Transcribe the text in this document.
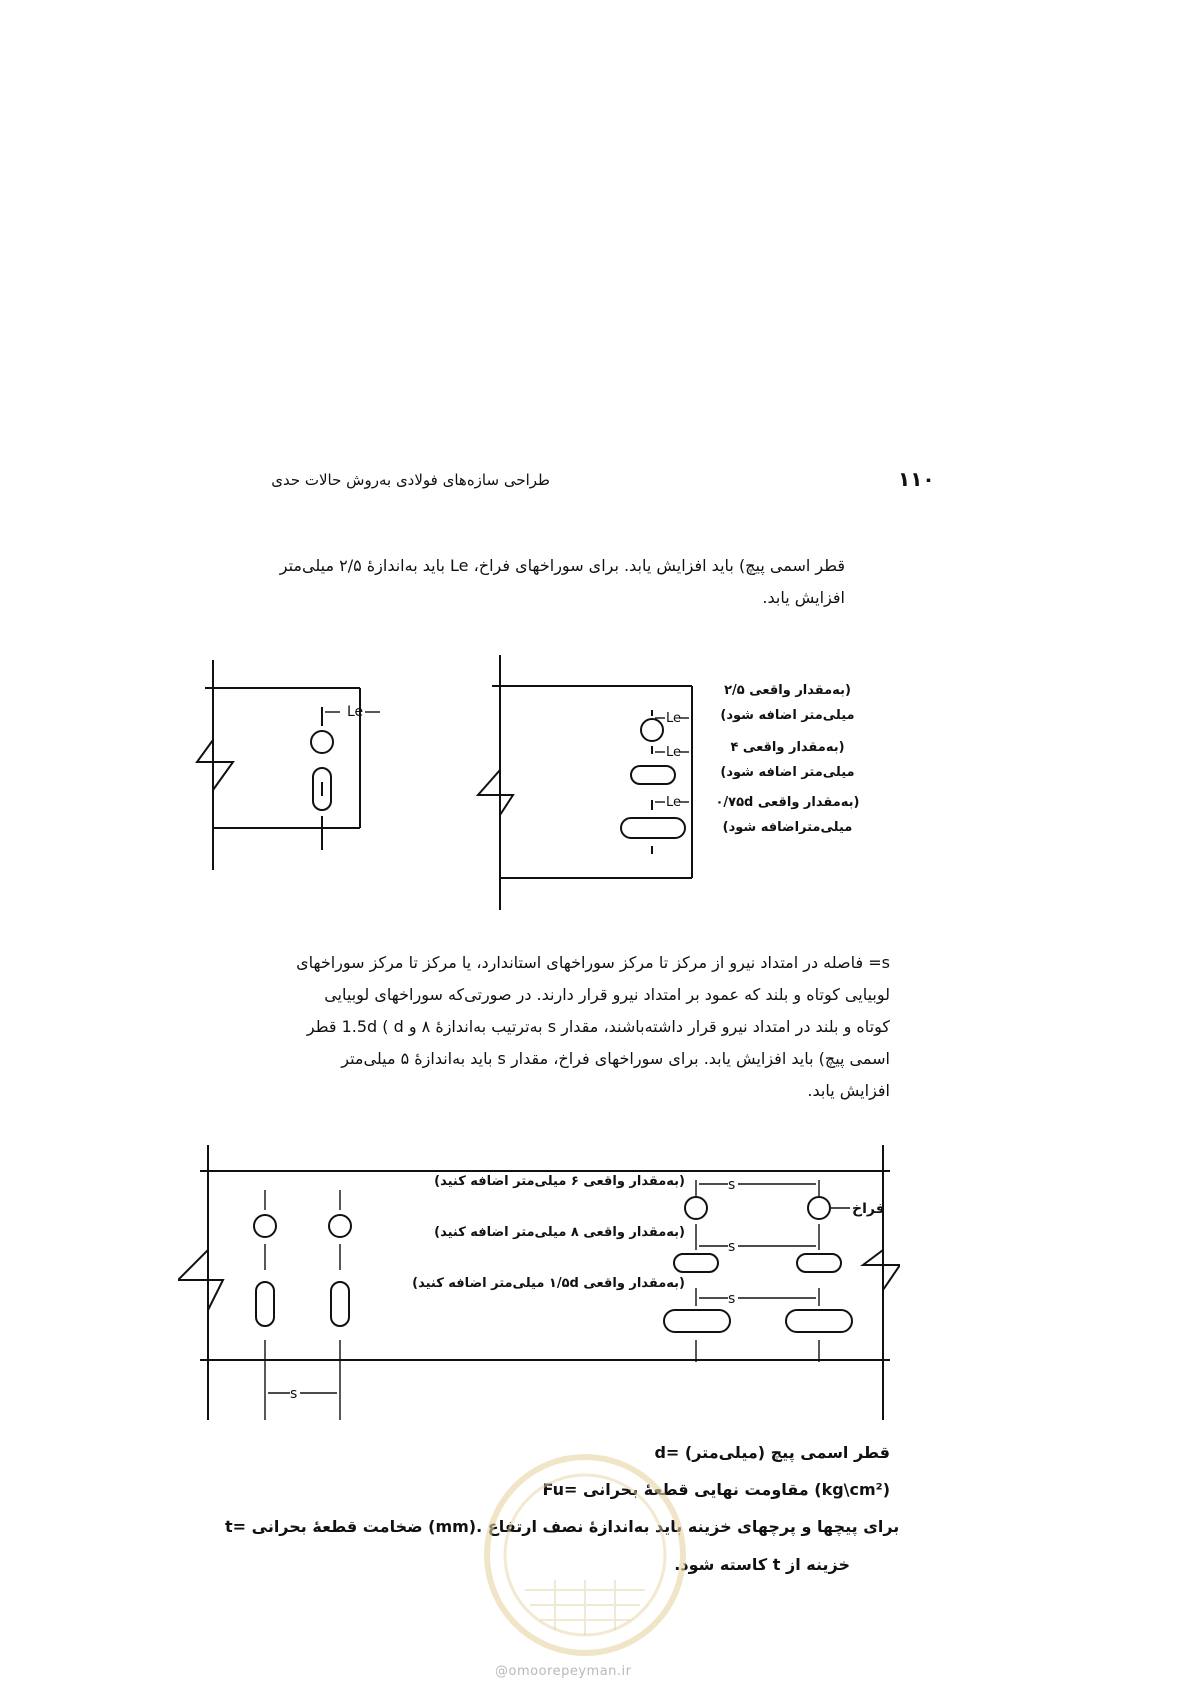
۱۱۰
طراحی سازه‌های فولادی به‌روش حالات حدی
قطر اسمی پیچ) باید افزایش یابد. برای سوراخهای فراخ، Le باید به‌اندازهٔ ۲/۵ میلی‌متر
افزایش یابد.
Le	Le
Le
Le
(به‌مقدار واقعی ۲/۵
میلی‌متر اضافه شود)
(به‌مقدار واقعی ۴
میلی‌متر اضافه شود)
(به‌مقدار واقعی ۰/۷۵d
میلی‌متراضافه شود)
s= فاصله در امتداد نیرو از مرکز تا مرکز سوراخهای استاندارد، یا مرکز تا مرکز سوراخهای
لوبیایی کوتاه و بلند که عمود بر امتداد نیرو قرار دارند. در صورتی‌که سوراخهای لوبیایی
کوتاه و بلند در امتداد نیرو قرار داشته‌باشند، مقدار s به‌ترتیب به‌اندازهٔ ۸ و 1.5d ( d قطر
اسمی پیچ) باید افزایش یابد. برای سوراخهای فراخ، مقدار s باید به‌اندازهٔ ۵ میلی‌متر
افزایش یابد.
s
s
s
s
فراخ
(به‌مقدار واقعی ۶ میلی‌متر اضافه کنید)
(به‌مقدار واقعی ۸ میلی‌متر اضافه کنید)
(به‌مقدار واقعی ۱/۵d میلی‌متر اضافه کنید)
d= قطر اسمی پیچ (میلی‌متر)
Fu= مقاومت نهایی قطعهٔ بحرانی (kg\cm²)
t= ضخامت قطعهٔ بحرانی (mm). برای پیچها و پرچهای خزینه باید به‌اندازهٔ نصف ارتفاع
خزینه از t کاسته شود.
@omoorepeyman.ir
